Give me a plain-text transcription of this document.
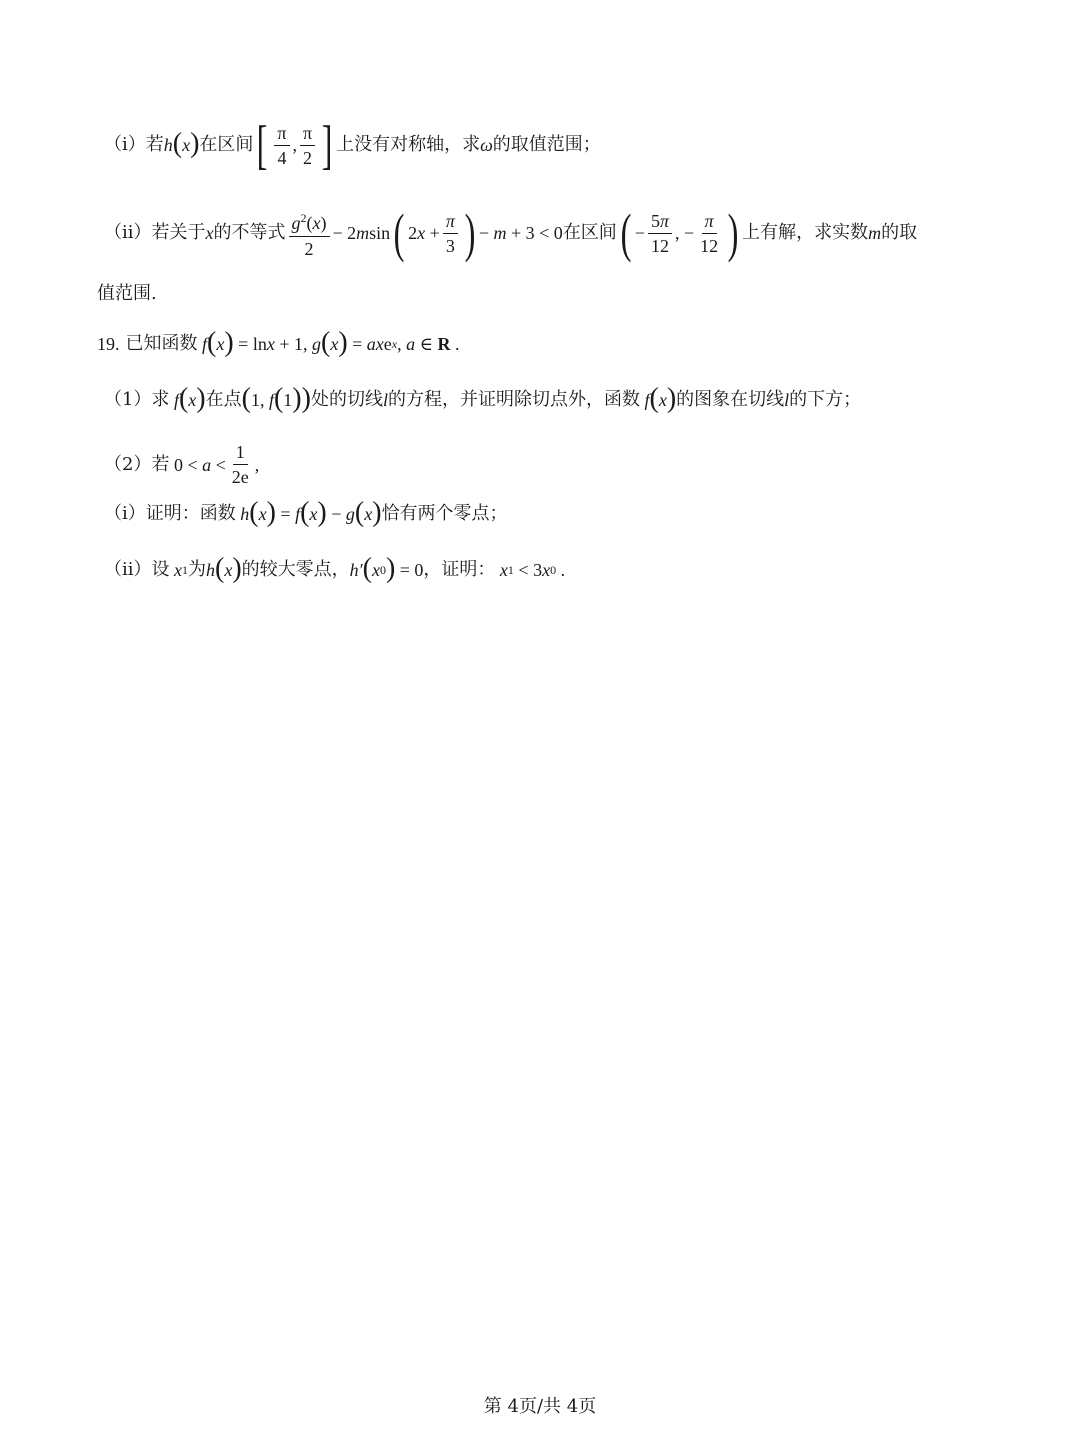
（i）若 h ( x ) 在区间 [ $\frac{\pi}{4}$ , $\frac{\pi}{2}$ ] 上没有对称轴，求 ω 的取值范围；
（ii）若关于 x 的不等式 $\frac{g^2(x)}{2} - 2$ m sin ( 2 $x + \frac{\pi}{3}$ ) − m + 3 < 0 在区间 ( − $\frac{5\pi}{12}$ , − $\frac{\pi}{12}$ ) 上有解，求实数 m 的取
值范围.
19. 已知函数 f ( x ) = ln x + 1, g ( x ) = ax e x , a ∈ R .
（1）求 f ( x ) 在点 ( 1, f ( 1 ) ) 处的切线 l 的方程，并证明除切点外，函数 f ( x ) 的图象在切线 l 的下方；
（2）若 $0 < a < \frac{1}{2e}$ ,
（i）证明：函数 h ( x ) = f ( x ) − g ( x ) 恰有两个零点；
（ii）设 x 1 为 h ( x ) 的较大零点， h′ ( x 0 ) = 0 ，证明： x 1 < 3 x 0 .
第 4页/共 4页
